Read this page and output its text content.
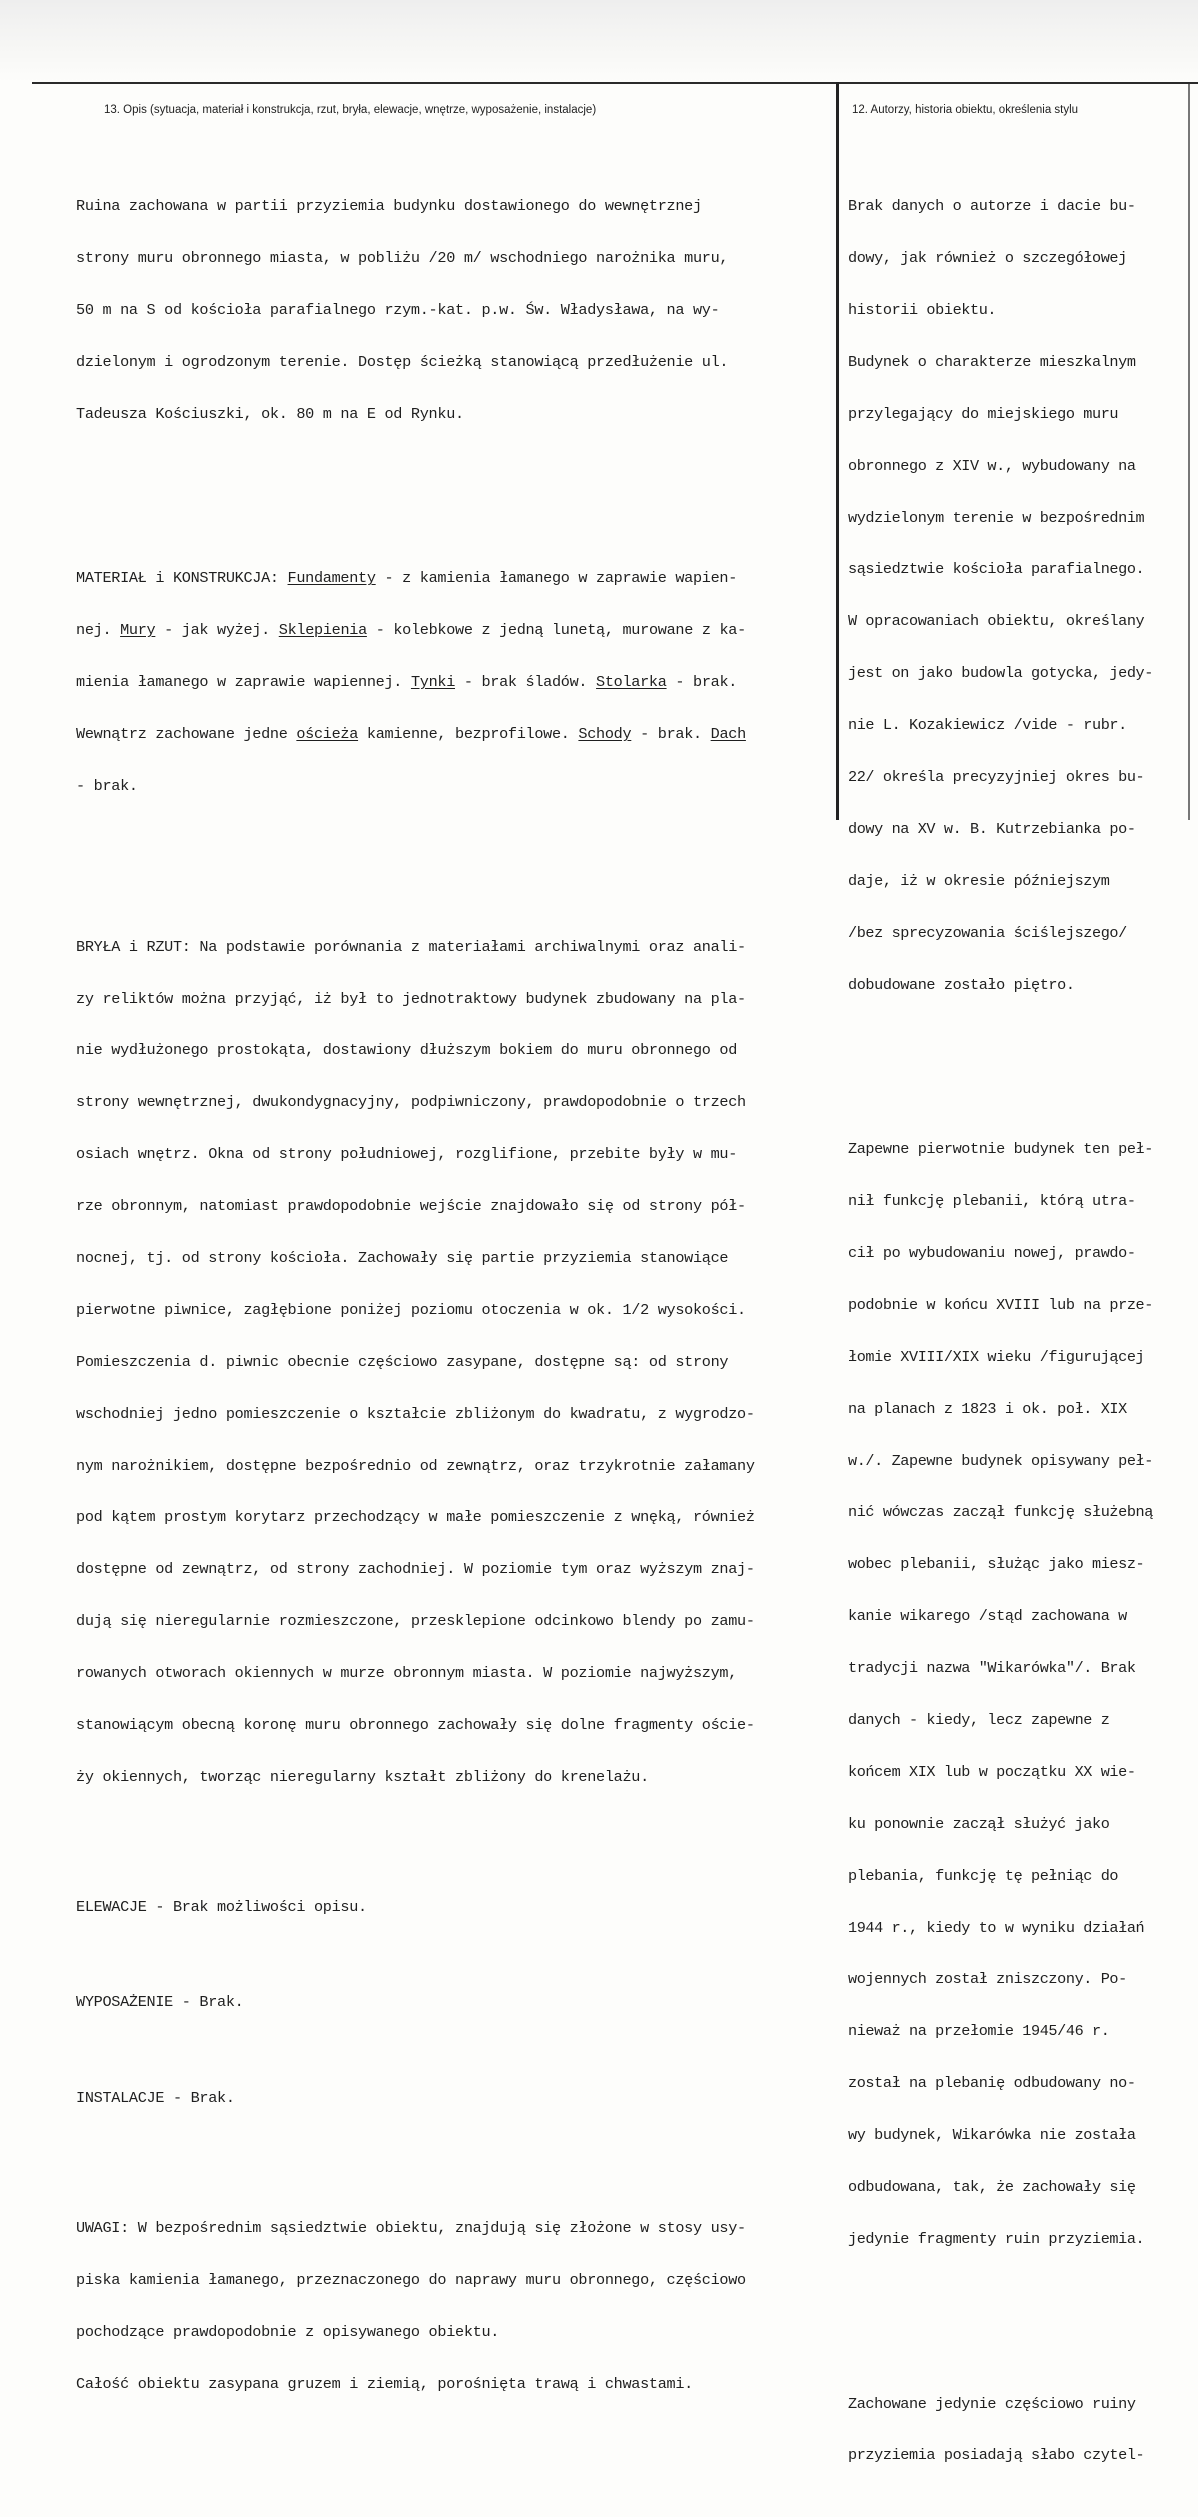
13. Opis (sytuacja, materiał i konstrukcja, rzut, bryła, elewacje, wnętrze, wyposażenie, instalacje)	12. Autorzy, historia obiektu, określenia stylu

Ruina zachowana w partii przyziemia budynku dostawionego do wewnętrznej

strony muru obronnego miasta, w pobliżu /20 m/ wschodniego narożnika muru,

50 m na S od kościoła parafialnego rzym.-kat. p.w. Św. Władysława, na wy-

dzielonym i ogrodzonym terenie. Dostęp ścieżką stanowiącą przedłużenie ul.

Tadeusza Kościuszki, ok. 80 m na E od Rynku.

MATERIAŁ i KONSTRUKCJA: Fundamenty - z kamienia łamanego w zaprawie wapien-

nej. Mury - jak wyżej. Sklepienia - kolebkowe z jedną lunetą, murowane z ka-

mienia łamanego w zaprawie wapiennej. Tynki - brak śladów. Stolarka - brak.

Wewnątrz zachowane jedne ościeża kamienne, bezprofilowe. Schody - brak. Dach

- brak.

BRYŁA i RZUT: Na podstawie porównania z materiałami archiwalnymi oraz anali-

zy reliktów można przyjąć, iż był to jednotraktowy budynek zbudowany na pla-

nie wydłużonego prostokąta, dostawiony dłuższym bokiem do muru obronnego od

strony wewnętrznej, dwukondygnacyjny, podpiwniczony, prawdopodobnie o trzech

osiach wnętrz. Okna od strony południowej, rozglifione, przebite były w mu-

rze obronnym, natomiast prawdopodobnie wejście znajdowało się od strony pół-

nocnej, tj. od strony kościoła. Zachowały się partie przyziemia stanowiące

pierwotne piwnice, zagłębione poniżej poziomu otoczenia w ok. 1/2 wysokości.

Pomieszczenia d. piwnic obecnie częściowo zasypane, dostępne są: od strony

wschodniej jedno pomieszczenie o kształcie zbliżonym do kwadratu, z wygrodzo-

nym narożnikiem, dostępne bezpośrednio od zewnątrz, oraz trzykrotnie załamany

pod kątem prostym korytarz przechodzący w małe pomieszczenie z wnęką, również

dostępne od zewnątrz, od strony zachodniej. W poziomie tym oraz wyższym znaj-

dują się nieregularnie rozmieszczone, przesklepione odcinkowo blendy po zamu-

rowanych otworach okiennych w murze obronnym miasta. W poziomie najwyższym,

stanowiącym obecną koronę muru obronnego zachowały się dolne fragmenty oście-

ży okiennych, tworząc nieregularny kształt zbliżony do krenelażu.

ELEWACJE - Brak możliwości opisu.

WYPOSAŻENIE - Brak.

INSTALACJE - Brak.

UWAGI: W bezpośrednim sąsiedztwie obiektu, znajdują się złożone w stosy usy-

piska kamienia łamanego, przeznaczonego do naprawy muru obronnego, częściowo

pochodzące prawdopodobnie z opisywanego obiektu.

Całość obiektu zasypana gruzem i ziemią, porośnięta trawą i chwastami.

Brak danych o autorze i dacie bu-

dowy, jak również o szczegółowej

historii obiektu.

Budynek o charakterze mieszkalnym

przylegający do miejskiego muru

obronnego z XIV w., wybudowany na

wydzielonym terenie w bezpośrednim

sąsiedztwie kościoła parafialnego.

W opracowaniach obiektu, określany

jest on jako budowla gotycka, jedy-

nie L. Kozakiewicz /vide - rubr.

22/ określa precyzyjniej okres bu-

dowy na XV w. B. Kutrzebianka po-

daje, iż w okresie późniejszym

/bez sprecyzowania ściślejszego/

dobudowane zostało piętro.

Zapewne pierwotnie budynek ten peł-

nił funkcję plebanii, którą utra-

cił po wybudowaniu nowej, prawdo-

podobnie w końcu XVIII lub na prze-

łomie XVIII/XIX wieku /figurującej

na planach z 1823 i ok. poł. XIX

w./. Zapewne budynek opisywany peł-

nić wówczas zaczął funkcję służebną

wobec plebanii, służąc jako miesz-

kanie wikarego /stąd zachowana w

tradycji nazwa "Wikarówka"/. Brak

danych - kiedy, lecz zapewne z

końcem XIX lub w początku XX wie-

ku ponownie zaczął służyć jako

plebania, funkcję tę pełniąc do

1944 r., kiedy to w wyniku działań

wojennych został zniszczony. Po-

nieważ na przełomie 1945/46 r.

został na plebanię odbudowany no-

wy budynek, Wikarówka nie została

odbudowana, tak, że zachowały się

jedynie fragmenty ruin przyziemia.

Zachowane jedynie częściowo ruiny

przyziemia posiadają słabo czytel-
